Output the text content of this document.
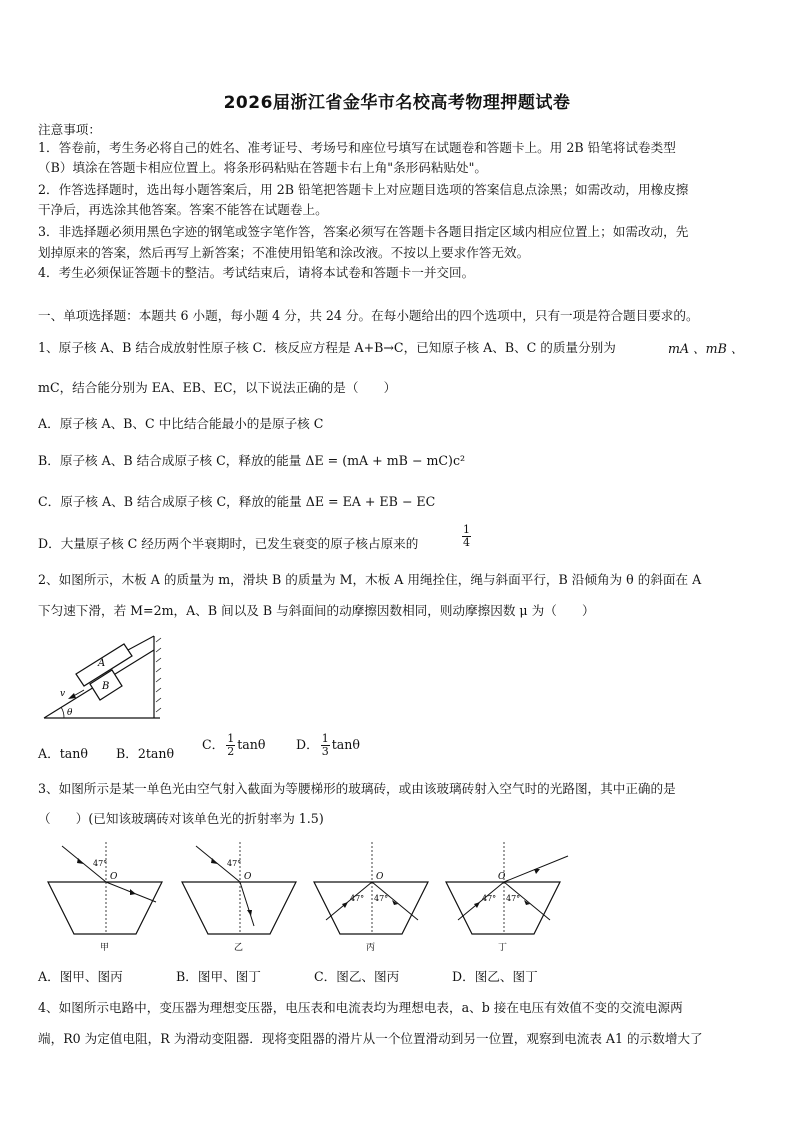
2026届浙江省金华市名校高考物理押题试卷
注意事项：
1．答卷前，考生务必将自己的姓名、准考证号、考场号和座位号填写在试题卷和答题卡上。用 2B 铅笔将试卷类型
（B）填涂在答题卡相应位置上。将条形码粘贴在答题卡右上角"条形码粘贴处"。
2．作答选择题时，选出每小题答案后，用 2B 铅笔把答题卡上对应题目选项的答案信息点涂黑；如需改动，用橡皮擦
干净后，再选涂其他答案。答案不能答在试题卷上。
3．非选择题必须用黑色字迹的钢笔或签字笔作答，答案必须写在答题卡各题目指定区域内相应位置上；如需改动，先
划掉原来的答案，然后再写上新答案；不准使用铅笔和涂改液。不按以上要求作答无效。
4．考生必须保证答题卡的整洁。考试结束后，请将本试卷和答题卡一并交回。
一、单项选择题：本题共 6 小题，每小题 4 分，共 24 分。在每小题给出的四个选项中，只有一项是符合题目要求的。
1、原子核 A、B 结合成放射性原子核 C．核反应方程是 A+B→C，已知原子核 A、B、C 的质量分别为	mA 、mB 、
mC，结合能分别为 EA、EB、EC，以下说法正确的是（　　）
A．原子核 A、B、C 中比结合能最小的是原子核 C
B．原子核 A、B 结合成原子核 C，释放的能量 ΔE = (mA + mB − mC)c²
C．原子核 A、B 结合成原子核 C，释放的能量 ΔE = EA + EB − EC
D．大量原子核 C 经历两个半衰期时，已发生衰变的原子核占原来的	$\frac{1}{4}$
2、如图所示，木板 A 的质量为 m，滑块 B 的质量为 M，木板 A 用绳拴住，绳与斜面平行，B 沿倾角为 θ 的斜面在 A
下匀速下滑，若 M=2m，A、B 间以及 B 与斜面间的动摩擦因数相同，则动摩擦因数 μ 为（　　）
A
B
v
θ
A．tanθ B．2tanθ
C． $\frac{1}{2}$ tanθ D． $\frac{1}{3}$ tanθ
3、如图所示是某一单色光由空气射入截面为等腰梯形的玻璃砖，或由该玻璃砖射入空气时的光路图，其中正确的是
（　　）(已知该玻璃砖对该单色光的折射率为 1.5)
47°
O
甲
47°
O
乙
47° 47°
O
丙
47° 47°
O
丁
A．图甲、图丙	B．图甲、图丁	C．图乙、图丙	D．图乙、图丁
4、如图所示电路中，变压器为理想变压器，电压表和电流表均为理想电表，a、b 接在电压有效值不变的交流电源两
端，R0 为定值电阻，R 为滑动变阻器．现将变阻器的滑片从一个位置滑动到另一位置，观察到电流表 A1 的示数增大了
